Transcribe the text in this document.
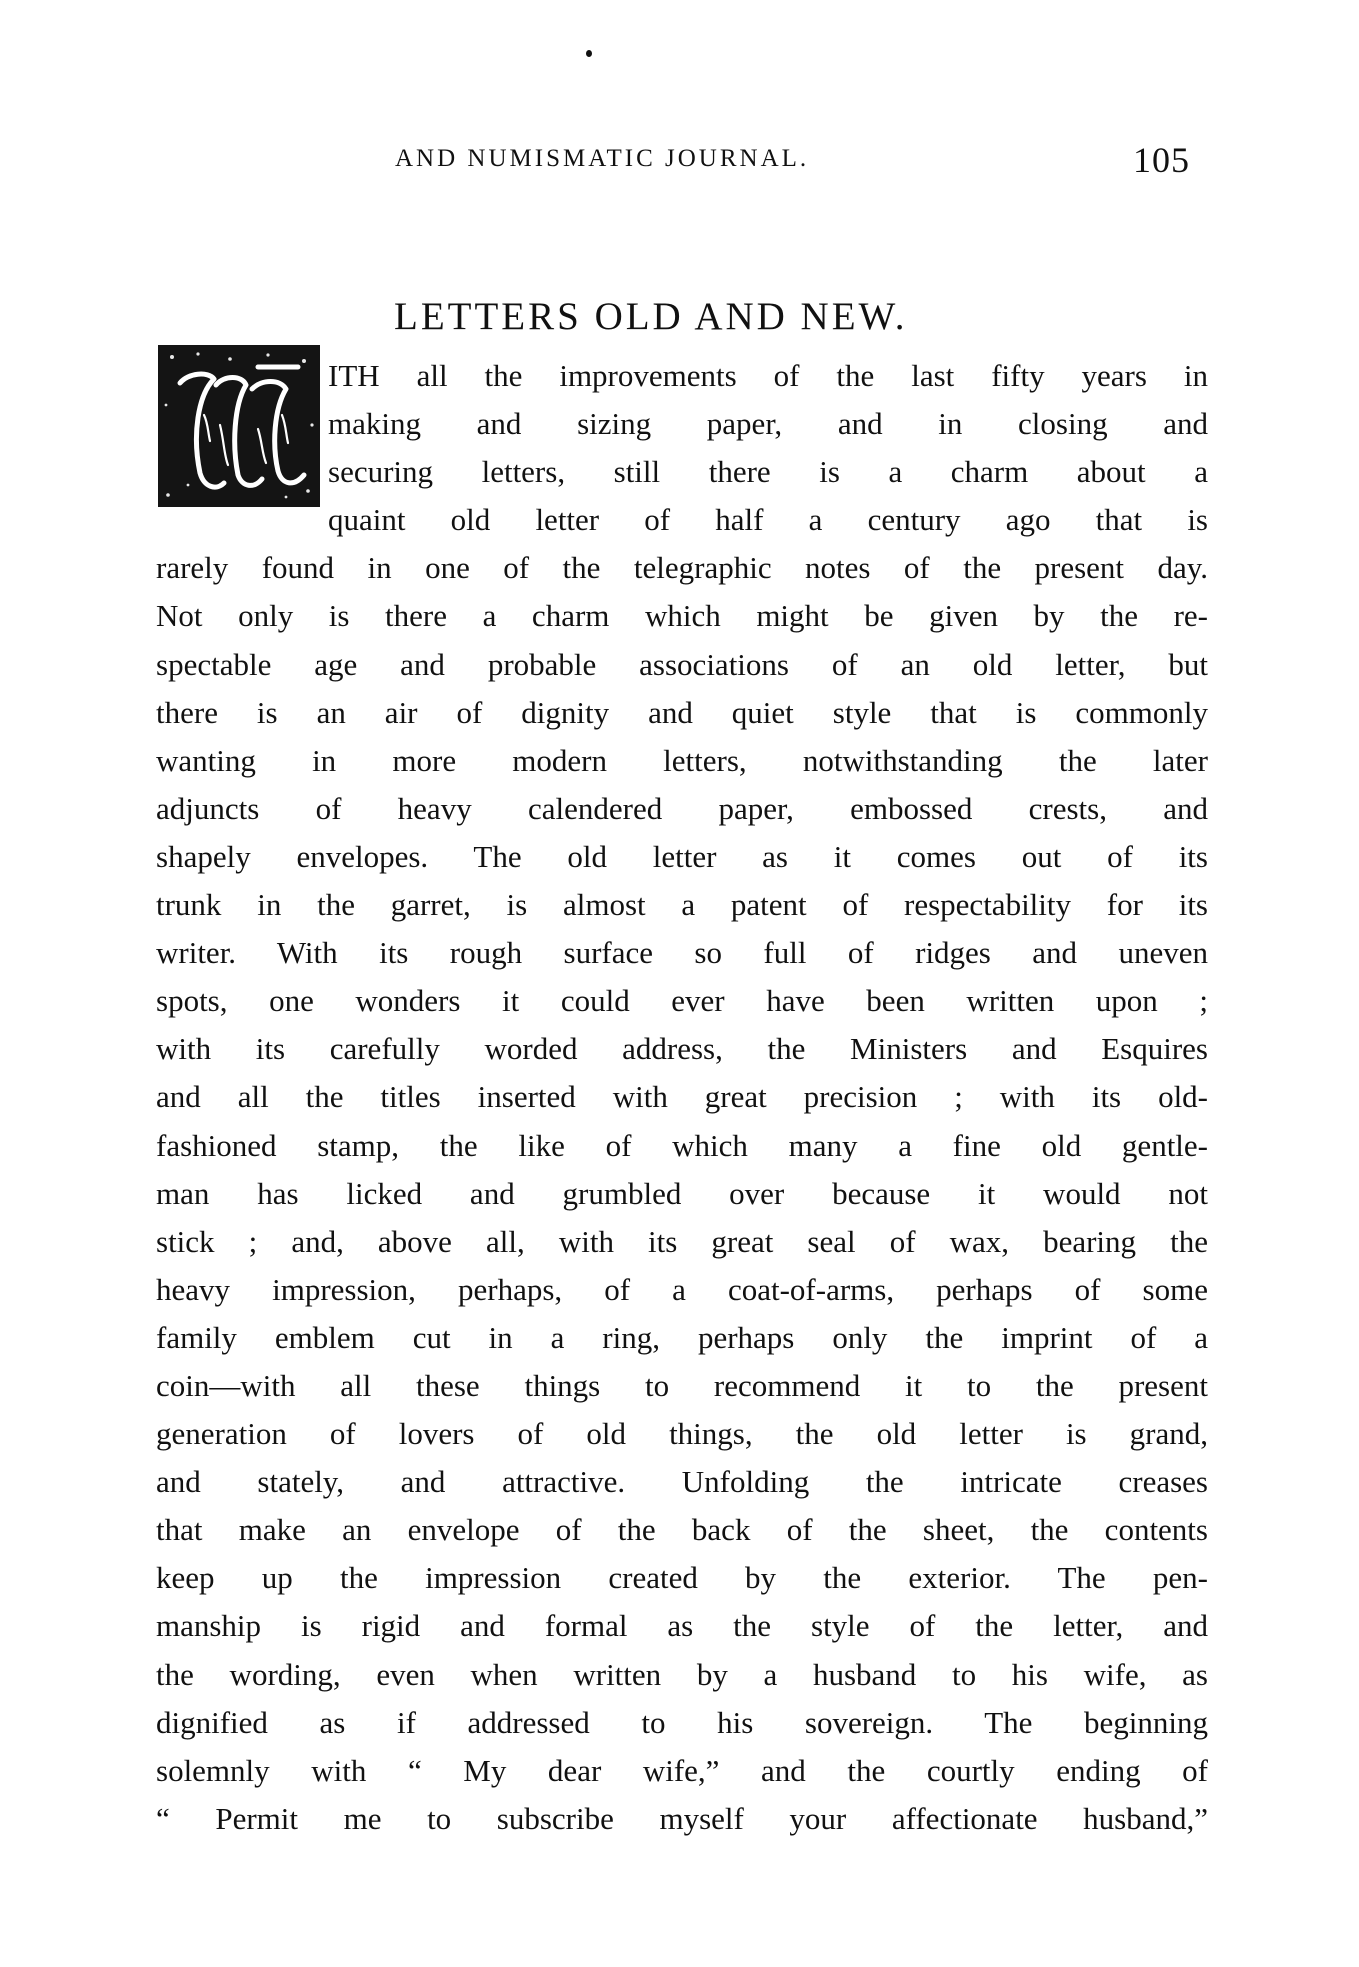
AND NUMISMATIC JOURNAL.	105
LETTERS OLD AND NEW.
ITH all the improvements of the last fifty years in
making and sizing paper, and in closing and
securing letters, still there is a charm about a
quaint old letter of half a century ago that is
rarely found in one of the telegraphic notes of the present day.
Not only is there a charm which might be given by the re-
spectable age and probable associations of an old letter, but
there is an air of dignity and quiet style that is commonly
wanting in more modern letters, notwithstanding the later
adjuncts of heavy calendered paper, embossed crests, and
shapely envelopes. The old letter as it comes out of its
trunk in the garret, is almost a patent of respectability for its
writer. With its rough surface so full of ridges and uneven
spots, one wonders it could ever have been written upon ;
with its carefully worded address, the Ministers and Esquires
and all the titles inserted with great precision ; with its old-
fashioned stamp, the like of which many a fine old gentle-
man has licked and grumbled over because it would not
stick ; and, above all, with its great seal of wax, bearing the
heavy impression, perhaps, of a coat-of-arms, perhaps of some
family emblem cut in a ring, perhaps only the imprint of a
coin—with all these things to recommend it to the present
generation of lovers of old things, the old letter is grand,
and stately, and attractive. Unfolding the intricate creases
that make an envelope of the back of the sheet, the contents
keep up the impression created by the exterior. The pen-
manship is rigid and formal as the style of the letter, and
the wording, even when written by a husband to his wife, as
dignified as if addressed to his sovereign. The beginning
solemnly with “ My dear wife,” and the courtly ending of
“ Permit me to subscribe myself your affectionate husband,”
